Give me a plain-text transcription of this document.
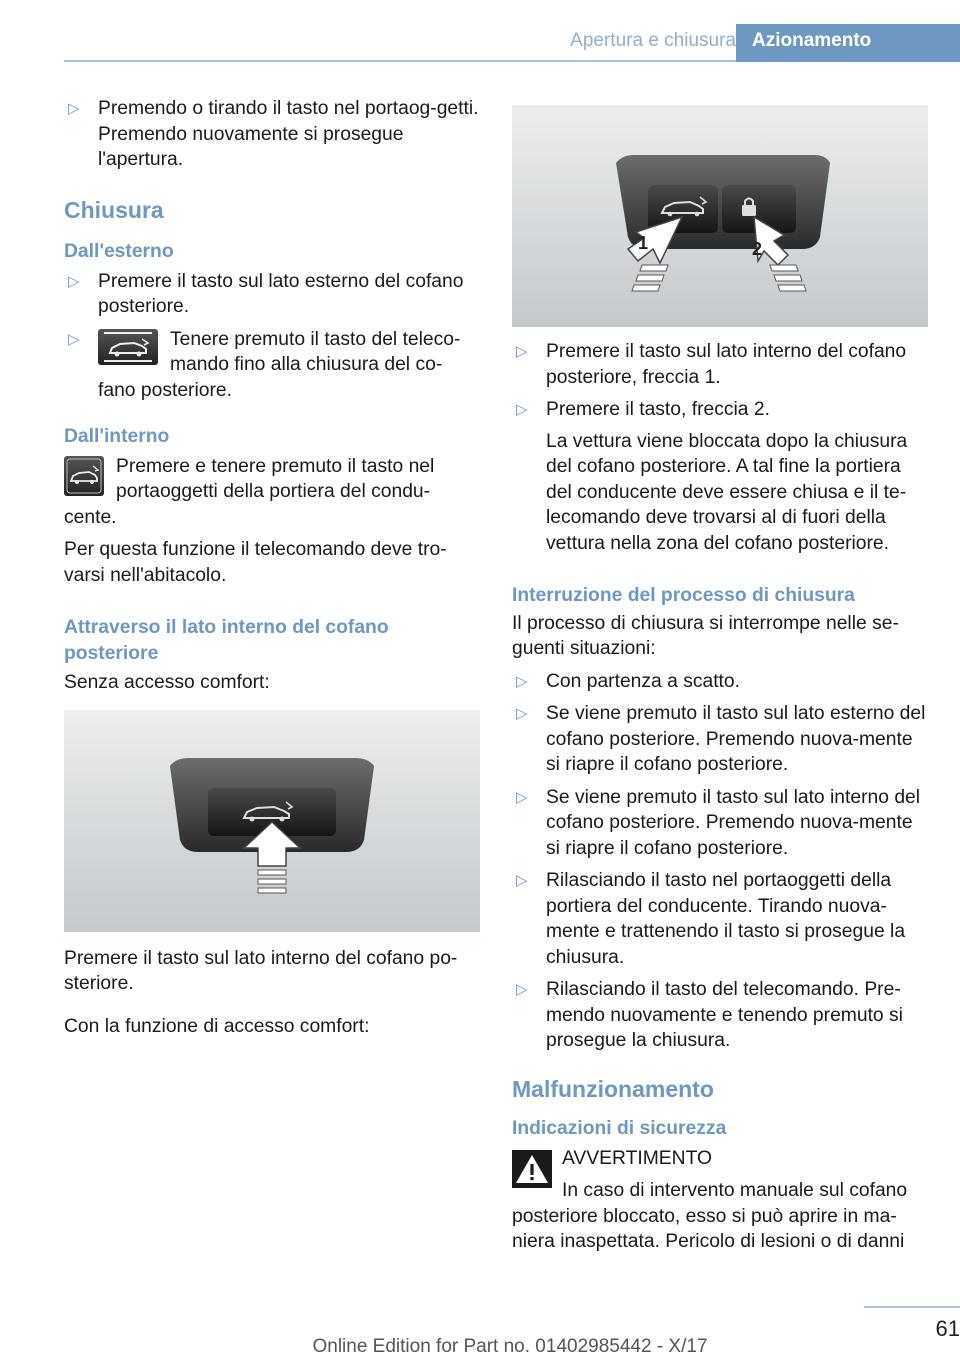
Apertura e chiusura Azionamento
▷ Premendo o tirando il tasto nel portaog‐getti. Premendo nuovamente si prosegue l'apertura.
Chiusura
Dall'esterno
▷ Premere il tasto sul lato esterno del cofano posteriore.
▷	Tenere premuto il tasto del teleco‐mando fino alla chiusura del co‐
fano posteriore.
Dall'interno
Premere e tenere premuto il tasto nel portaoggetti della portiera del condu‐

cente.

Per questa funzione il telecomando deve tro‐varsi nell'abitacolo.

Attraverso il lato interno del cofano posteriore

Senza accesso comfort:

Premere il tasto sul lato interno del cofano po‐steriore.

Con la funzione di accesso comfort:

1	2
▷ Premere il tasto sul lato interno del cofano posteriore, freccia 1.
▷ Premere il tasto, freccia 2.
La vettura viene bloccata dopo la chiusura del cofano posteriore. A tal fine la portiera del conducente deve essere chiusa e il te‐lecomando deve trovarsi al di fuori della vettura nella zona del cofano posteriore.
Interruzione del processo di chiusura

Il processo di chiusura si interrompe nelle se‐guenti situazioni:

▷ Con partenza a scatto.
▷ Se viene premuto il tasto sul lato esterno del cofano posteriore. Premendo nuova‐mente si riapre il cofano posteriore.
▷ Se viene premuto il tasto sul lato interno del cofano posteriore. Premendo nuova‐mente si riapre il cofano posteriore.
▷ Rilasciando il tasto nel portaoggetti della portiera del conducente. Tirando nuova‐mente e trattenendo il tasto si prosegue la chiusura.
▷ Rilasciando il tasto del telecomando. Pre‐mendo nuovamente e tenendo premuto si prosegue la chiusura.
Malfunzionamento
Indicazioni di sicurezza
AVVERTIMENTO
In caso di intervento manuale sul cofano
posteriore bloccato, esso si può aprire in ma‐niera inaspettata. Pericolo di lesioni o di danni
61
Online Edition for Part no. 01402985442 - X/17
